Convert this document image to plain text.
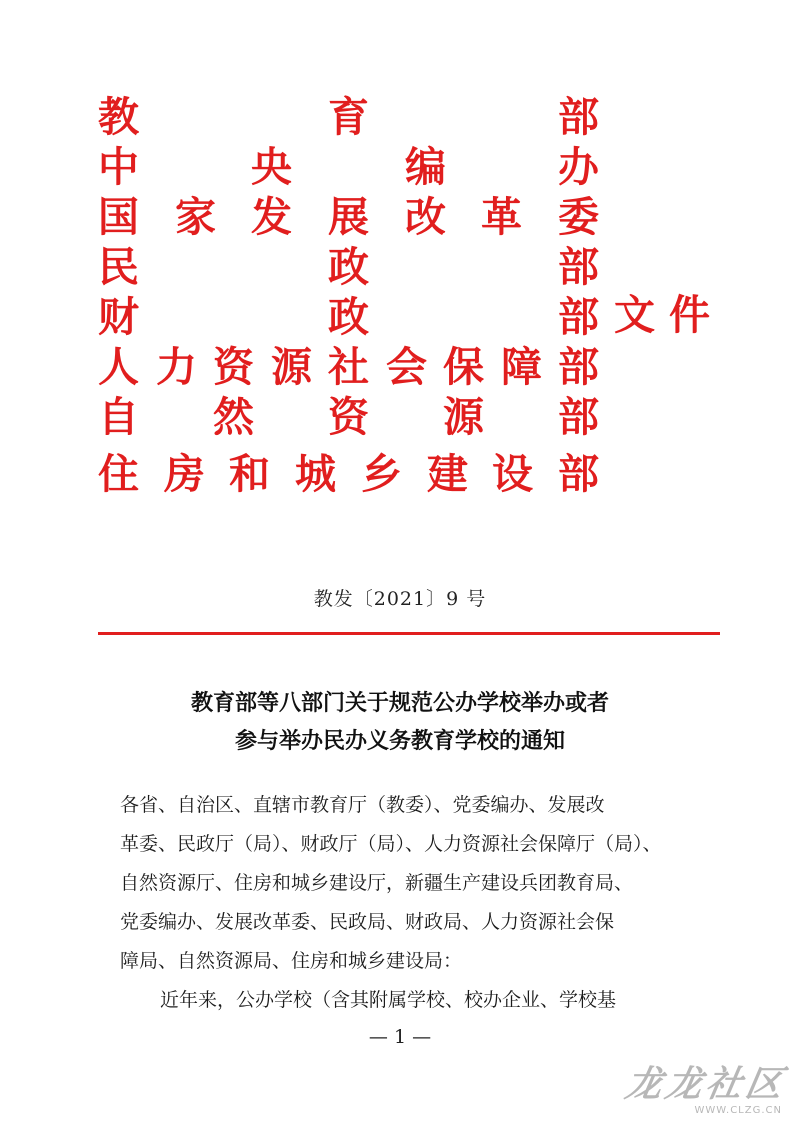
教	育	部
中	央	编	办
国 家 发 展 改 革 委
民	政	部
财	政	部
人 力 资 源 社 会 保 障 部
自 然 资 源 部
住 房 和 城 乡 建 设 部
文件
教发〔2021〕9 号
教育部等八部门关于规范公办学校举办或者
参与举办民办义务教育学校的通知
各省、自治区、直辖市教育厅（教委）、党委编办、发展改
革委、民政厅（局）、财政厅（局）、人力资源社会保障厅（局）、
自然资源厅、住房和城乡建设厅，新疆生产建设兵团教育局、
党委编办、发展改革委、民政局、财政局、人力资源社会保
障局、自然资源局、住房和城乡建设局：
近年来，公办学校（含其附属学校、校办企业、学校基
— 1 —
龙龙社区
WWW.CLZG.CN
